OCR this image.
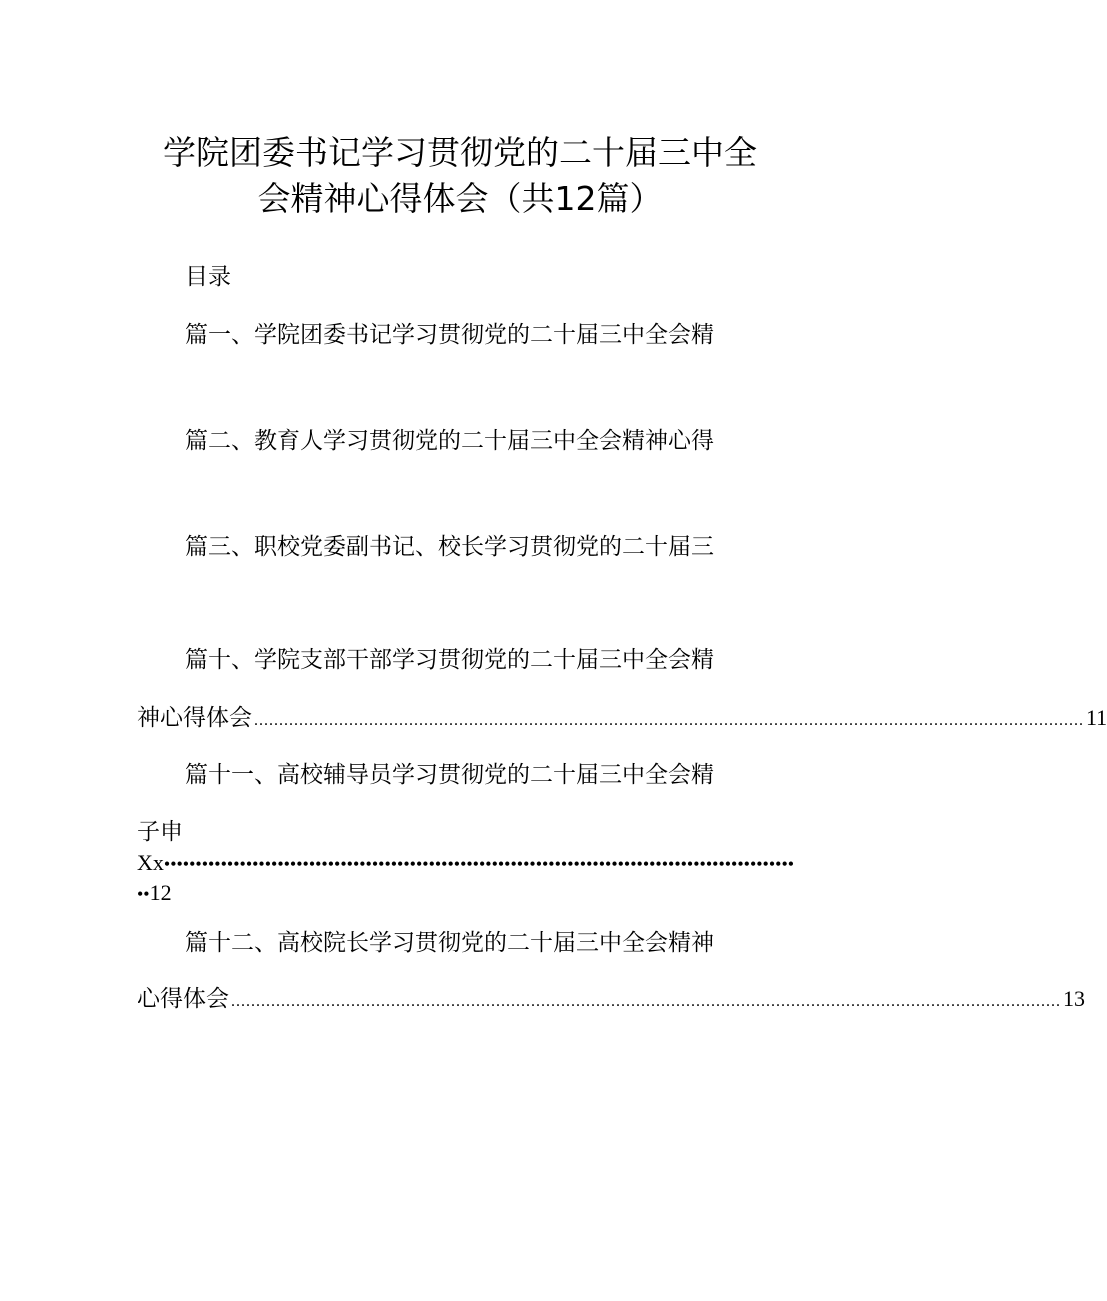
学院团委书记学习贯彻党的二十届三中全
会精神心得体会（共12篇）
目录
篇一、学院团委书记学习贯彻党的二十届三中全会精
篇二、教育人学习贯彻党的二十届三中全会精神心得
篇三、职校党委副书记、校长学习贯彻党的二十届三
篇十、学院支部干部学习贯彻党的二十届三中全会精
神心得体会 ...................................................................................................................................................................... 11
篇十一、高校辅导员学习贯彻党的二十届三中全会精
子申
Xx••••••••••••••••••••••••••••••••••••••••••••••••••••••••••••••••••••••••••••••••••••••••••••••••••••
••12
篇十二、高校院长学习贯彻党的二十届三中全会精神
心得体会 ...................................................................................................................................................................... 13
